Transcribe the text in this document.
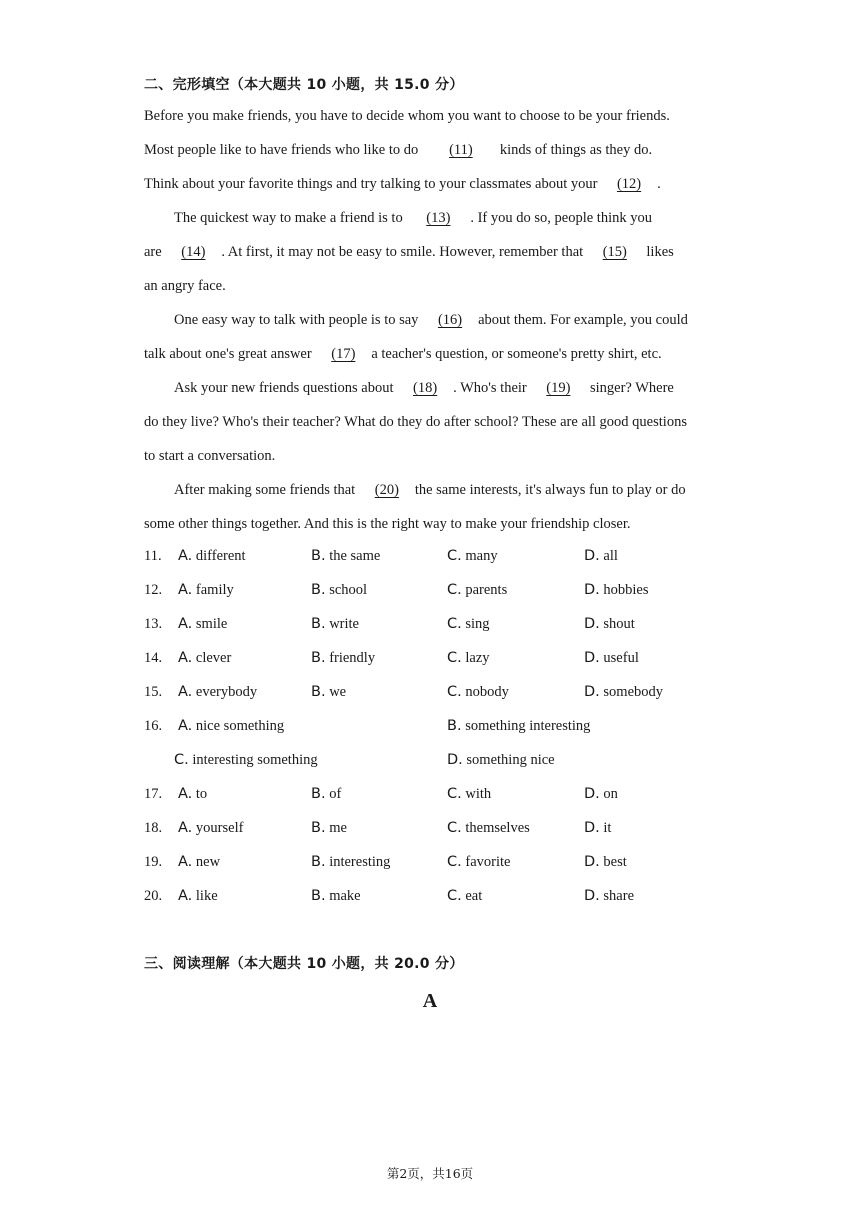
二、完形填空（本大题共 10 小题，共 15.0 分）
Before you make friends, you have to decide whom you want to choose to be your friends.
Most people like to have friends who like to do (11) kinds of things as they do.
Think about your favorite things and try talking to your classmates about your (12) .
The quickest way to make a friend is to (13) . If you do so, people think you
are (14) . At first, it may not be easy to smile. However, remember that (15) likes
an angry face.
One easy way to talk with people is to say (16) about them. For example, you could
talk about one's great answer (17) a teacher's question, or someone's pretty shirt, etc.
Ask your new friends questions about (18) . Who's their (19) singer? Where
do they live? Who's their teacher? What do they do after school? These are all good questions
to start a conversation.
After making some friends that (20) the same interests, it's always fun to play or do
some other things together. And this is the right way to make your friendship closer.
11. A. different	B. the same	C. many	D. all
12. A. family	B. school	C. parents	D. hobbies
13. A. smile	B. write	C. sing	D. shout
14. A. clever	B. friendly	C. lazy	D. useful
15. A. everybody	B. we	C. nobody	D. somebody
16. A. nice something	B. something interesting
C. interesting something	D. something nice
17. A. to	B. of	C. with	D. on
18. A. yourself	B. me	C. themselves	D. it
19. A. new	B. interesting	C. favorite	D. best
20. A. like	B. make	C. eat	D. share
三、阅读理解（本大题共 10 小题，共 20.0 分）
A
第2页，共16页
